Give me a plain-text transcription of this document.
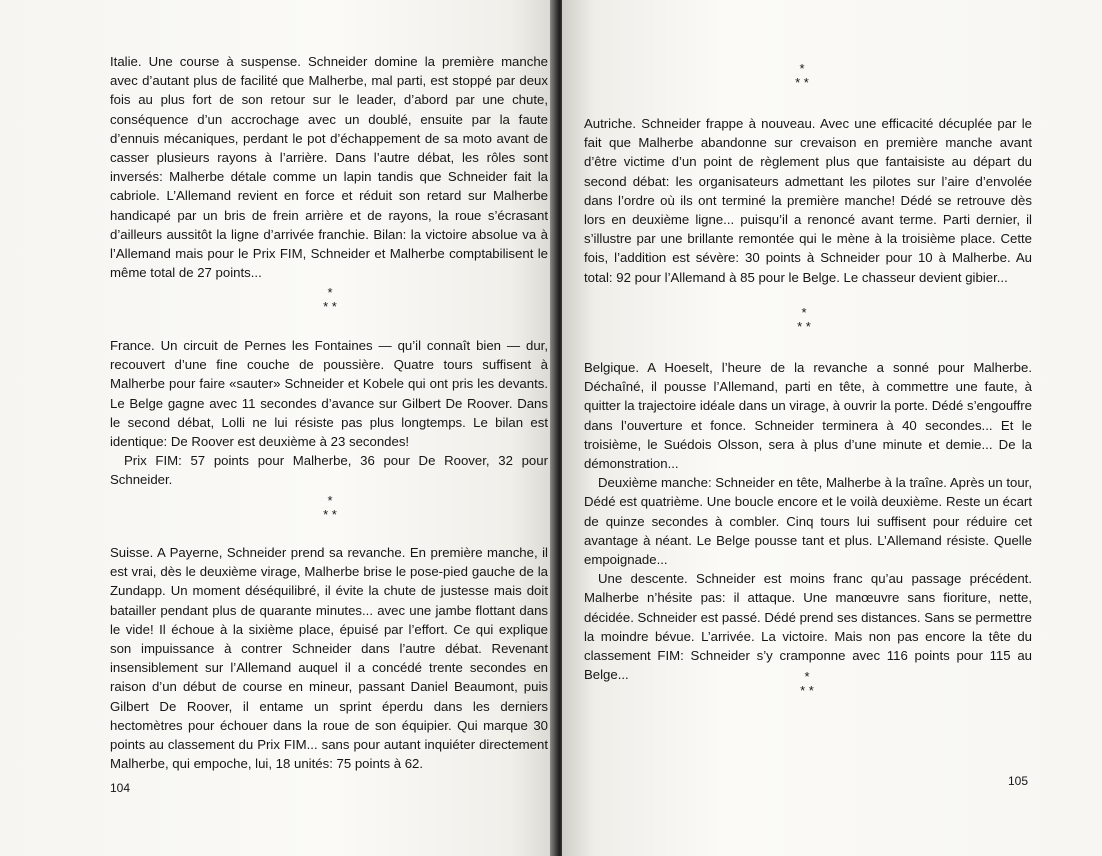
Italie. Une course à suspense. Schneider domine la première manche avec d’autant plus de facilité que Malherbe, mal parti, est stoppé par deux fois au plus fort de son retour sur le leader, d’abord par une chute, conséquence d’un accrochage avec un doublé, ensuite par la faute d’ennuis mécaniques, perdant le pot d’échappement de sa moto avant de casser plusieurs rayons à l’arrière. Dans l’autre débat, les rôles sont inversés: Malherbe détale comme un lapin tandis que Schneider fait la cabriole. L’Allemand revient en force et réduit son retard sur Malherbe handicapé par un bris de frein arrière et de rayons, la roue s’écrasant d’ailleurs aussitôt la ligne d’arrivée franchie. Bilan: la victoire absolue va à l’Allemand mais pour le Prix FIM, Schneider et Malherbe comptabilisent le même total de 27 points...

*
* *

France. Un circuit de Pernes les Fontaines — qu’il connaît bien — dur, recouvert d’une fine couche de poussière. Quatre tours suffisent à Malherbe pour faire «sauter» Schneider et Kobele qui ont pris les devants. Le Belge gagne avec 11 secondes d’avance sur Gilbert De Roover. Dans le second débat, Lolli ne lui résiste pas plus longtemps. Le bilan est identique: De Roover est deuxième à 23 secondes!

Prix FIM: 57 points pour Malherbe, 36 pour De Roover, 32 pour Schneider.

*
* *

Suisse. A Payerne, Schneider prend sa revanche. En première manche, il est vrai, dès le deuxième virage, Malherbe brise le pose-pied gauche de la Zundapp. Un moment déséquilibré, il évite la chute de justesse mais doit batailler pendant plus de quarante minutes... avec une jambe flottant dans le vide! Il échoue à la sixième place, épuisé par l’effort. Ce qui explique son impuissance à contrer Schneider dans l’autre débat. Revenant insensiblement sur l’Allemand auquel il a concédé trente secondes en raison d’un début de course en mineur, passant Daniel Beaumont, puis Gilbert De Roover, il entame un sprint éperdu dans les derniers hectomètres pour échouer dans la roue de son équipier. Qui marque 30 points au classement du Prix FIM... sans pour autant inquiéter directement Malherbe, qui empoche, lui, 18 unités: 75 points à 62.

104
*
* *

Autriche. Schneider frappe à nouveau. Avec une efficacité décuplée par le fait que Malherbe abandonne sur crevaison en première manche avant d’être victime d’un point de règlement plus que fantaisiste au départ du second débat: les organisateurs admettant les pilotes sur l’aire d’envolée dans l’ordre où ils ont terminé la première manche! Dédé se retrouve dès lors en deuxième ligne... puisqu’il a renoncé avant terme. Parti dernier, il s’illustre par une brillante remontée qui le mène à la troisième place. Cette fois, l’addition est sévère: 30 points à Schneider pour 10 à Malherbe. Au total: 92 pour l’Allemand à 85 pour le Belge. Le chasseur devient gibier...

*
* *

Belgique. A Hoeselt, l’heure de la revanche a sonné pour Malherbe. Déchaîné, il pousse l’Allemand, parti en tête, à commettre une faute, à quitter la trajectoire idéale dans un virage, à ouvrir la porte. Dédé s’engouffre dans l’ouverture et fonce. Schneider terminera à 40 secondes... Et le troisième, le Suédois Olsson, sera à plus d’une minute et demie... De la démonstration...

Deuxième manche: Schneider en tête, Malherbe à la traîne. Après un tour, Dédé est quatrième. Une boucle encore et le voilà deuxième. Reste un écart de quinze secondes à combler. Cinq tours lui suffisent pour réduire cet avantage à néant. Le Belge pousse tant et plus. L’Allemand résiste. Quelle empoignade...

Une descente. Schneider est moins franc qu’au passage précédent. Malherbe n’hésite pas: il attaque. Une manœuvre sans fioriture, nette, décidée. Schneider est passé. Dédé prend ses distances. Sans se permettre la moindre bévue. L’arrivée. La victoire. Mais non pas encore la tête du classement FIM: Schneider s’y cramponne avec 116 points pour 115 au Belge...	*
* *
105
